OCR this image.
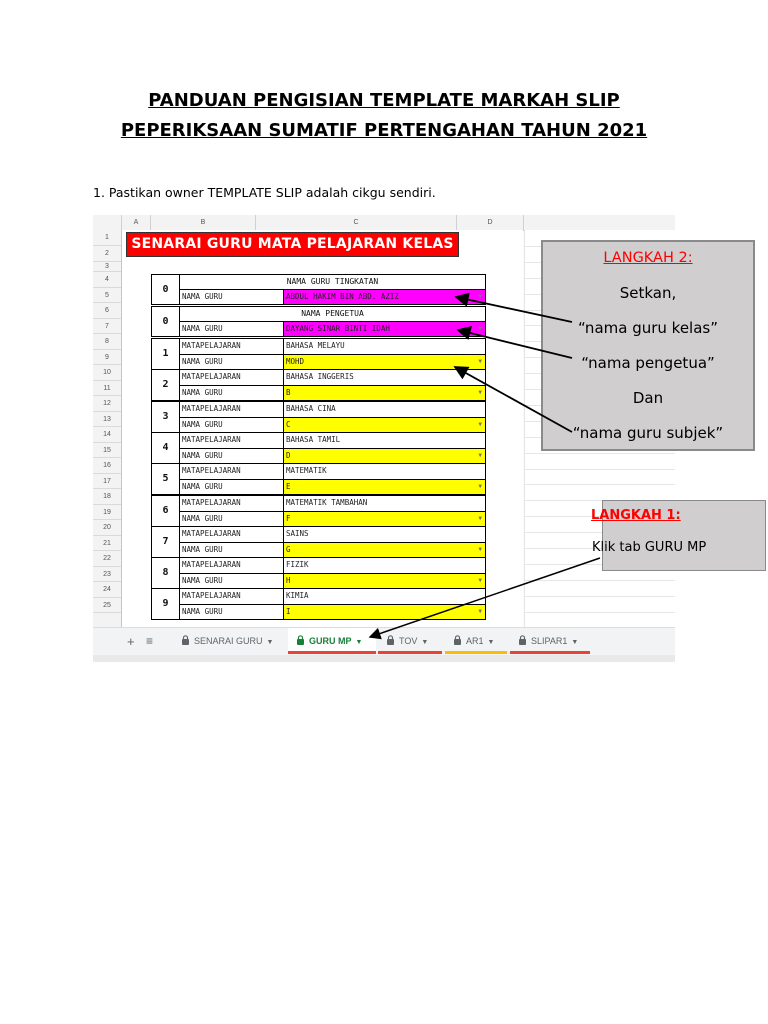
PANDUAN PENGISIAN TEMPLATE MARKAH SLIP
PEPERIKSAAN SUMATIF PERTENGAHAN TAHUN 2021
1. Pastikan owner TEMPLATE SLIP adalah cikgu sendiri.
A	B	C	D
1
2
3
4
5
6
7
8
9
10
11
12
13
14
15
16
17
18
19
20
21
22
23
24
25
SENARAI GURU MATA PELAJARAN KELAS
0
NAMA GURU TINGKATAN
NAMA GURU	ABDUL HAKIM BIN ABD. AZIZ	▼
0
NAMA PENGETUA
NAMA GURU	DAYANG SINAR BINTI IDAH	▼
1
MATAPELAJARAN	BAHASA MELAYU
NAMA GURU	MOHD	▼
2
MATAPELAJARAN	BAHASA INGGERIS
NAMA GURU	B	▼
3
MATAPELAJARAN	BAHASA CINA
NAMA GURU	C	▼
4
MATAPELAJARAN	BAHASA TAMIL
NAMA GURU	D	▼
5
MATAPELAJARAN	MATEMATIK
NAMA GURU	E	▼
6
MATAPELAJARAN	MATEMATIK TAMBAHAN
NAMA GURU	F	▼
7
MATAPELAJARAN	SAINS
NAMA GURU	G	▼
8
MATAPELAJARAN	FIZIK
NAMA GURU	H	▼
9
MATAPELAJARAN	KIMIA
NAMA GURU	I	▼
+ ≡	SENARAI GURU ▼	GURU MP ▼	TOV ▼	AR1 ▼	SLIPAR1 ▼
LANGKAH 2:
Setkan,
“nama guru kelas”
“nama pengetua”
Dan
“nama guru subjek”
LANGKAH 1:
Klik tab GURU MP
